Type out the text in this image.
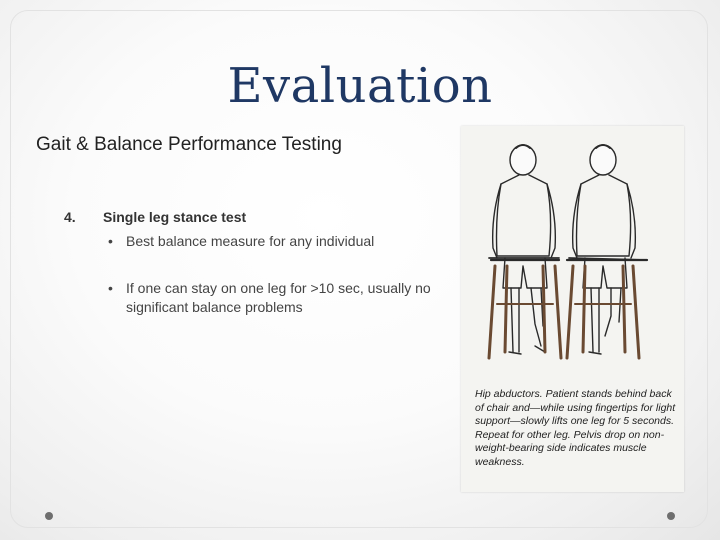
Evaluation
Gait & Balance Performance Testing
4. Single leg stance test
• Best balance measure for any individual
• If one can stay on one leg for >10 sec, usually no significant balance problems
Hip abductors. Patient stands behind back of chair and—while using fingertips for light support—slowly lifts one leg for 5 seconds. Repeat for other leg. Pelvis drop on non-weight-bearing side indicates muscle weakness.
